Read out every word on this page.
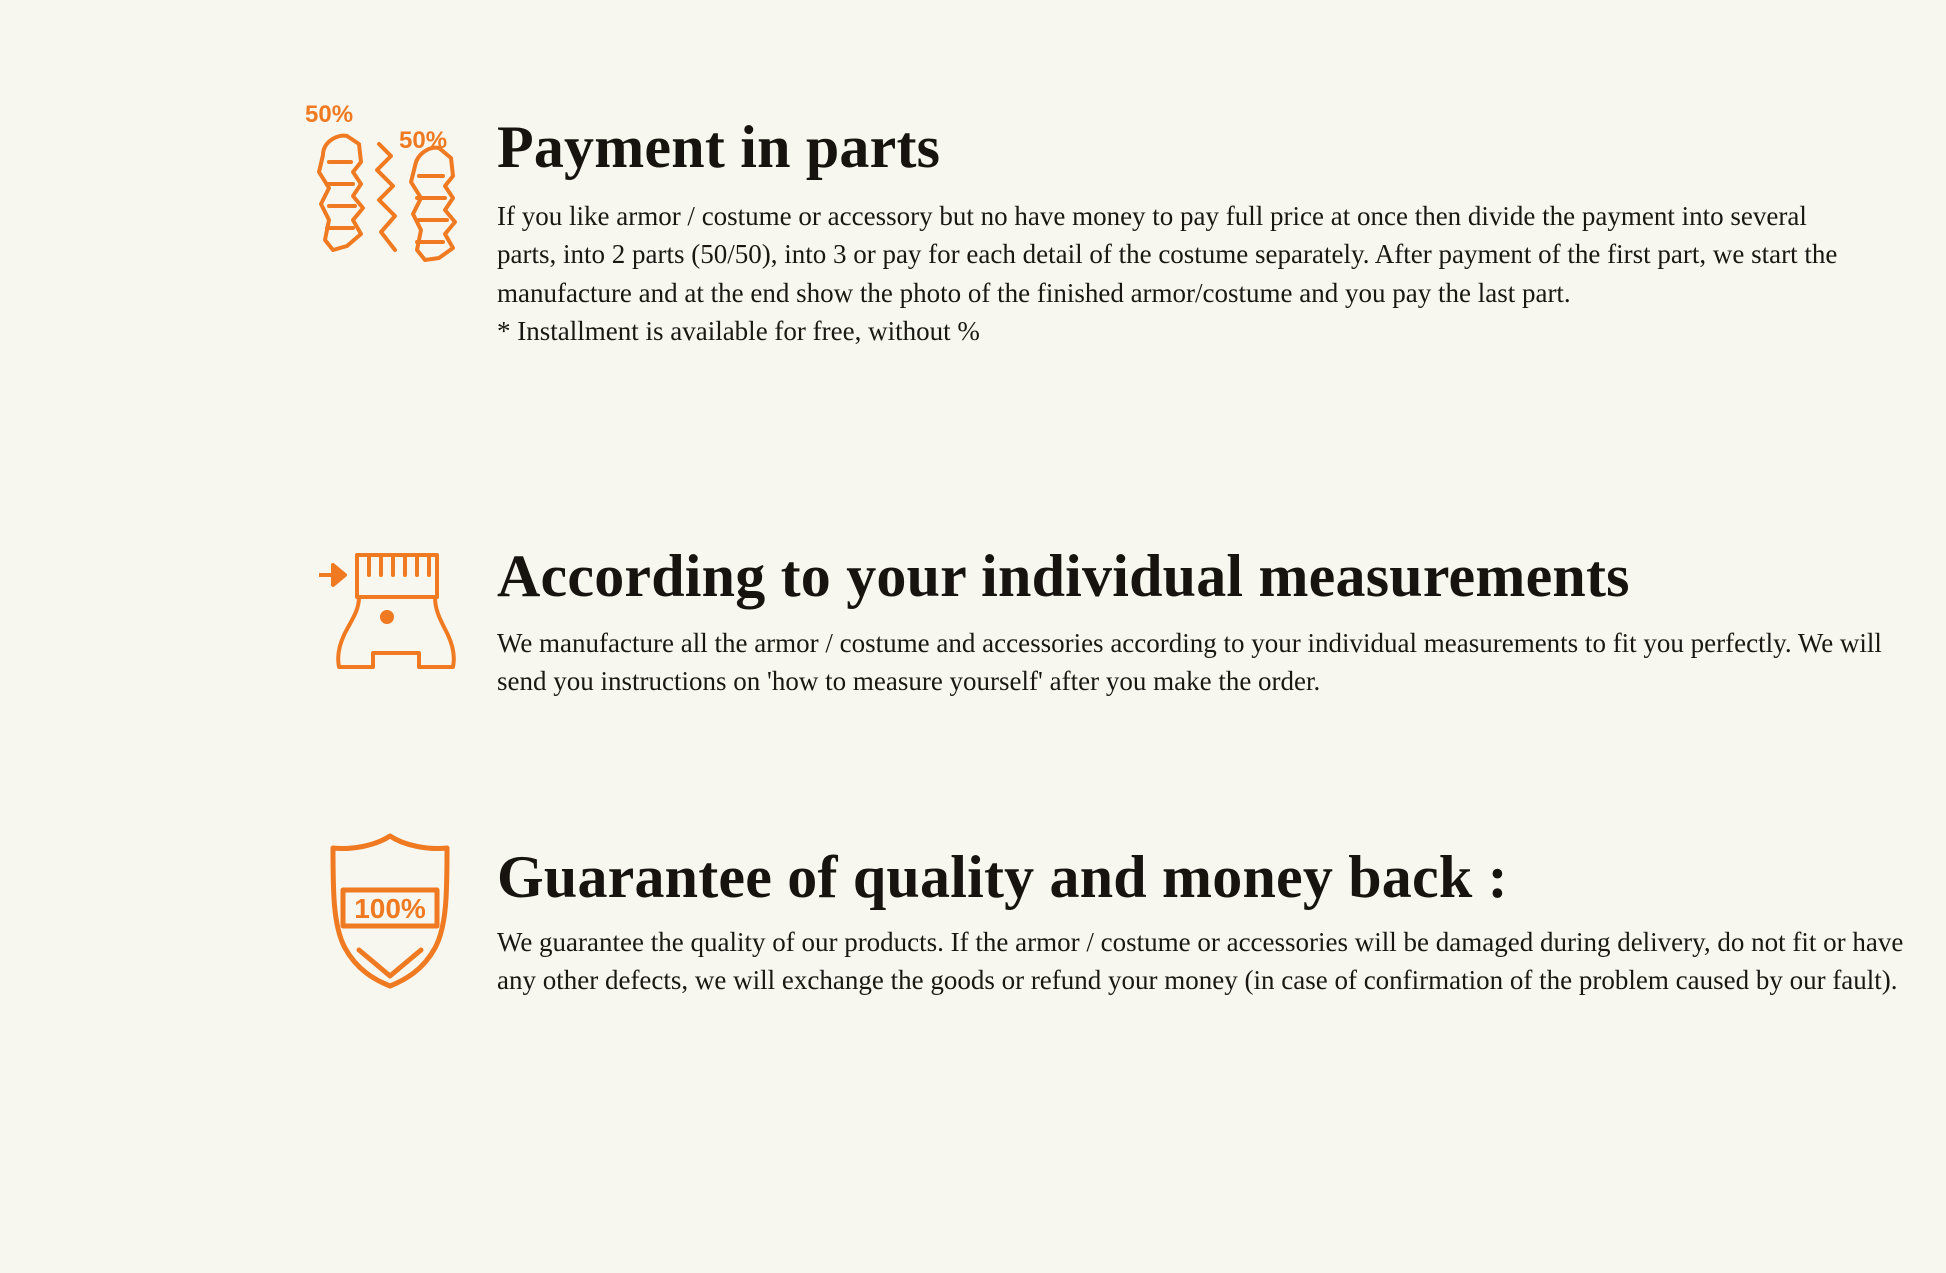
50%
50% Payment in parts

If you like armor / costume or accessory but no have money to pay full price at once then divide the payment into several parts, into 2 parts (50/50), into 3 or pay for each detail of the costume separately. After payment of the first part, we start the manufacture and at the end show the photo of the finished armor/costume and you pay the last part.

* Installment is available for free, without %

According to your individual measurements

We manufacture all the armor / costume and accessories according to your individual measurements to fit you perfectly. We will send you instructions on 'how to measure yourself' after you make the order.

100% Guarantee of quality and money back :

We guarantee the quality of our products. If the armor / costume or accessories will be damaged during delivery, do not fit or have any other defects, we will exchange the goods or refund your money (in case of confirmation of the problem caused by our fault).
